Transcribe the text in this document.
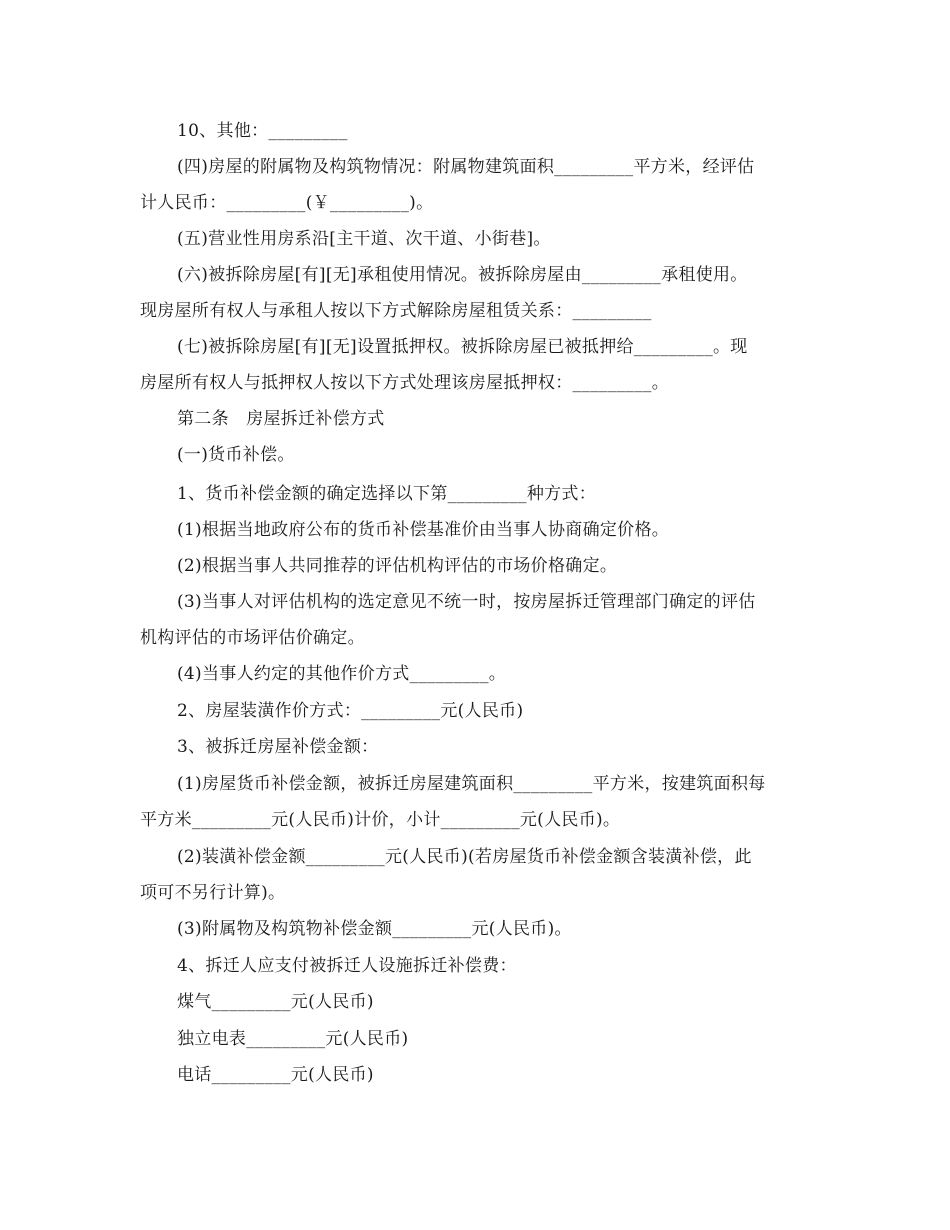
10、其他：_________
(四)房屋的附属物及构筑物情况：附属物建筑面积_________平方米，经评估
计人民币：_________(￥_________)。
(五)营业性用房系沿[主干道、次干道、小街巷]。
(六)被拆除房屋[有][无]承租使用情况。被拆除房屋由_________承租使用。
现房屋所有权人与承租人按以下方式解除房屋租赁关系：_________
(七)被拆除房屋[有][无]设置抵押权。被拆除房屋已被抵押给_________。现
房屋所有权人与抵押权人按以下方式处理该房屋抵押权：_________。
第二条　房屋拆迁补偿方式
(一)货币补偿。
1、货币补偿金额的确定选择以下第_________种方式：
(1)根据当地政府公布的货币补偿基准价由当事人协商确定价格。
(2)根据当事人共同推荐的评估机构评估的市场价格确定。
(3)当事人对评估机构的选定意见不统一时，按房屋拆迁管理部门确定的评估
机构评估的市场评估价确定。
(4)当事人约定的其他作价方式_________。
2、房屋装潢作价方式：_________元(人民币)
3、被拆迁房屋补偿金额：
(1)房屋货币补偿金额，被拆迁房屋建筑面积_________平方米，按建筑面积每
平方米_________元(人民币)计价，小计_________元(人民币)。
(2)装潢补偿金额_________元(人民币)(若房屋货币补偿金额含装潢补偿，此
项可不另行计算)。
(3)附属物及构筑物补偿金额_________元(人民币)。
4、拆迁人应支付被拆迁人设施拆迁补偿费：
煤气_________元(人民币)
独立电表_________元(人民币)
电话_________元(人民币)
